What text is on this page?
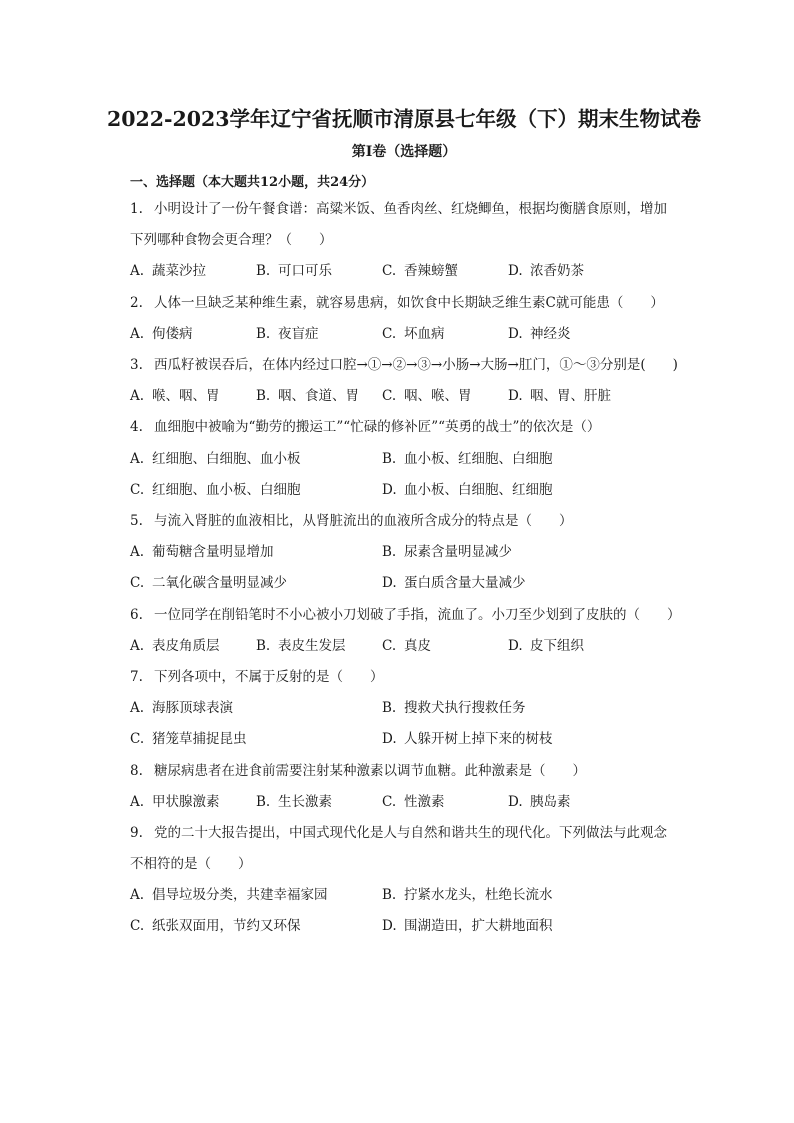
2022-2023学年辽宁省抚顺市清原县七年级（下）期末生物试卷
第I卷（选择题）
一、选择题（本大题共12小题，共24分）
1. 小明设计了一份午餐食谱：高粱米饭、鱼香肉丝、红烧鲫鱼，根据均衡膳食原则，增加
下列哪种食物会更合理？（　　）
A. 蔬菜沙拉	B. 可口可乐	C. 香辣螃蟹	D. 浓香奶茶
2. 人体一旦缺乏某种维生素，就容易患病，如饮食中长期缺乏维生素C就可能患（　　）
A. 佝偻病	B. 夜盲症	C. 坏血病	D. 神经炎
3. 西瓜籽被误吞后，在体内经过口腔→①→②→③→小肠→大肠→肛门，①～③分别是(　　)
A. 喉、咽、胃	B. 咽、食道、胃	C. 咽、喉、胃	D. 咽、胃、肝脏
4. 血细胞中被喻为“勤劳的搬运工”“忙碌的修补匠”“英勇的战士”的依次是（）
A. 红细胞、白细胞、血小板	B. 血小板、红细胞、白细胞
C. 红细胞、血小板、白细胞	D. 血小板、白细胞、红细胞
5. 与流入肾脏的血液相比，从肾脏流出的血液所含成分的特点是（　　）
A. 葡萄糖含量明显增加	B. 尿素含量明显减少
C. 二氧化碳含量明显减少	D. 蛋白质含量大量减少
6. 一位同学在削铅笔时不小心被小刀划破了手指，流血了。小刀至少划到了皮肤的（　　）
A. 表皮角质层	B. 表皮生发层	C. 真皮	D. 皮下组织
7. 下列各项中，不属于反射的是（　　）
A. 海豚顶球表演	B. 搜救犬执行搜救任务
C. 猪笼草捕捉昆虫	D. 人躲开树上掉下来的树枝
8. 糖尿病患者在进食前需要注射某种激素以调节血糖。此种激素是（　　）
A. 甲状腺激素	B. 生长激素	C. 性激素	D. 胰岛素
9. 党的二十大报告提出，中国式现代化是人与自然和谐共生的现代化。下列做法与此观念
不相符的是（　　）
A. 倡导垃圾分类，共建幸福家园	B. 拧紧水龙头，杜绝长流水
C. 纸张双面用，节约又环保	D. 围湖造田，扩大耕地面积
